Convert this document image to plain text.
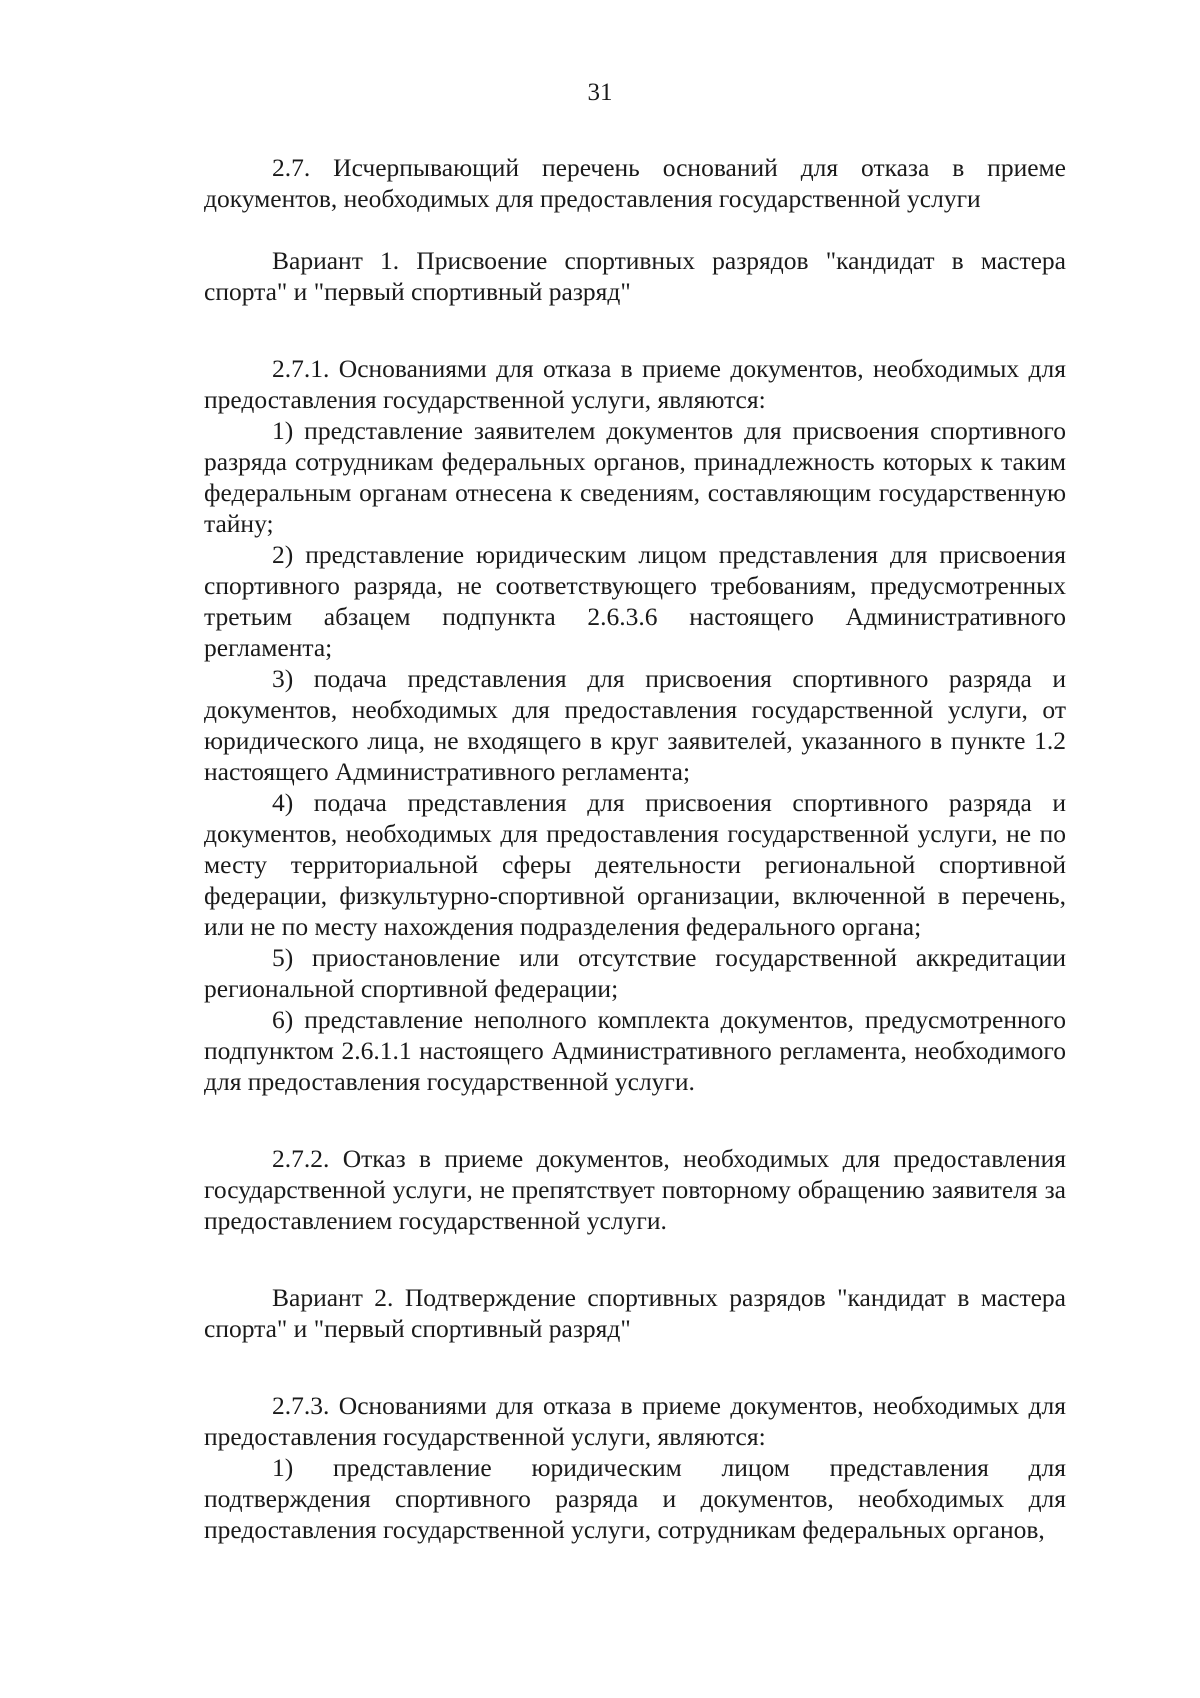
31

2.7. Исчерпывающий перечень оснований для отказа в приеме документов, необходимых для предоставления государственной услуги

Вариант 1. Присвоение спортивных разрядов "кандидат в мастера спорта" и "первый спортивный разряд"

2.7.1. Основаниями для отказа в приеме документов, необходимых для предоставления государственной услуги, являются:

1) представление заявителем документов для присвоения спортивного разряда сотрудникам федеральных органов, принадлежность которых к таким федеральным органам отнесена к сведениям, составляющим государственную тайну;

2) представление юридическим лицом представления для присвоения спортивного разряда, не соответствующего требованиям, предусмотренных третьим абзацем подпункта 2.6.3.6 настоящего Административного регламента;

3) подача представления для присвоения спортивного разряда и документов, необходимых для предоставления государственной услуги, от юридического лица, не входящего в круг заявителей, указанного в пункте 1.2 настоящего Административного регламента;

4) подача представления для присвоения спортивного разряда и документов, необходимых для предоставления государственной услуги, не по месту территориальной сферы деятельности региональной спортивной федерации, физкультурно-спортивной организации, включенной в перечень, или не по месту нахождения подразделения федерального органа;

5) приостановление или отсутствие государственной аккредитации региональной спортивной федерации;

6) представление неполного комплекта документов, предусмотренного подпунктом 2.6.1.1 настоящего Административного регламента, необходимого для предоставления государственной услуги.

2.7.2. Отказ в приеме документов, необходимых для предоставления государственной услуги, не препятствует повторному обращению заявителя за предоставлением государственной услуги.

Вариант 2. Подтверждение спортивных разрядов "кандидат в мастера спорта" и "первый спортивный разряд"

2.7.3. Основаниями для отказа в приеме документов, необходимых для предоставления государственной услуги, являются:

1) представление юридическим лицом представления для подтверждения спортивного разряда и документов, необходимых для предоставления государственной услуги, сотрудникам федеральных органов,
